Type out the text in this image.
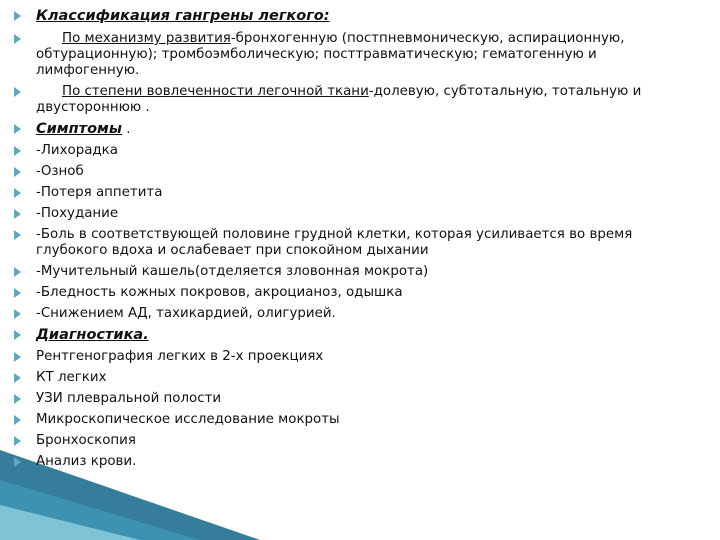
Классификация гангрены легкого:
По механизму развития-бронхогенную (постпневмоническую, аспирационную, обтурационную); тромбоэмболическую; посттравматическую; гематогенную и лимфогенную.
По степени вовлеченности легочной ткани-долевую, субтотальную, тотальную и двустороннюю .
Симптомы .
-Лихорадка
-Озноб
-Потеря аппетита
-Похудание
-Боль в соответствующей половине грудной клетки, которая усиливается во время глубокого вдоха и ослабевает при спокойном дыхании
-Мучительный кашель(отделяется зловонная мокрота)
-Бледность кожных покровов, акроцианоз, одышка
-Снижением АД, тахикардией, олигурией.
Диагностика.
Рентгенография легких в 2-х проекциях
КТ легких
УЗИ плевральной полости
Микроскопическое исследование мокроты
Бронхоскопия
Анализ крови.
